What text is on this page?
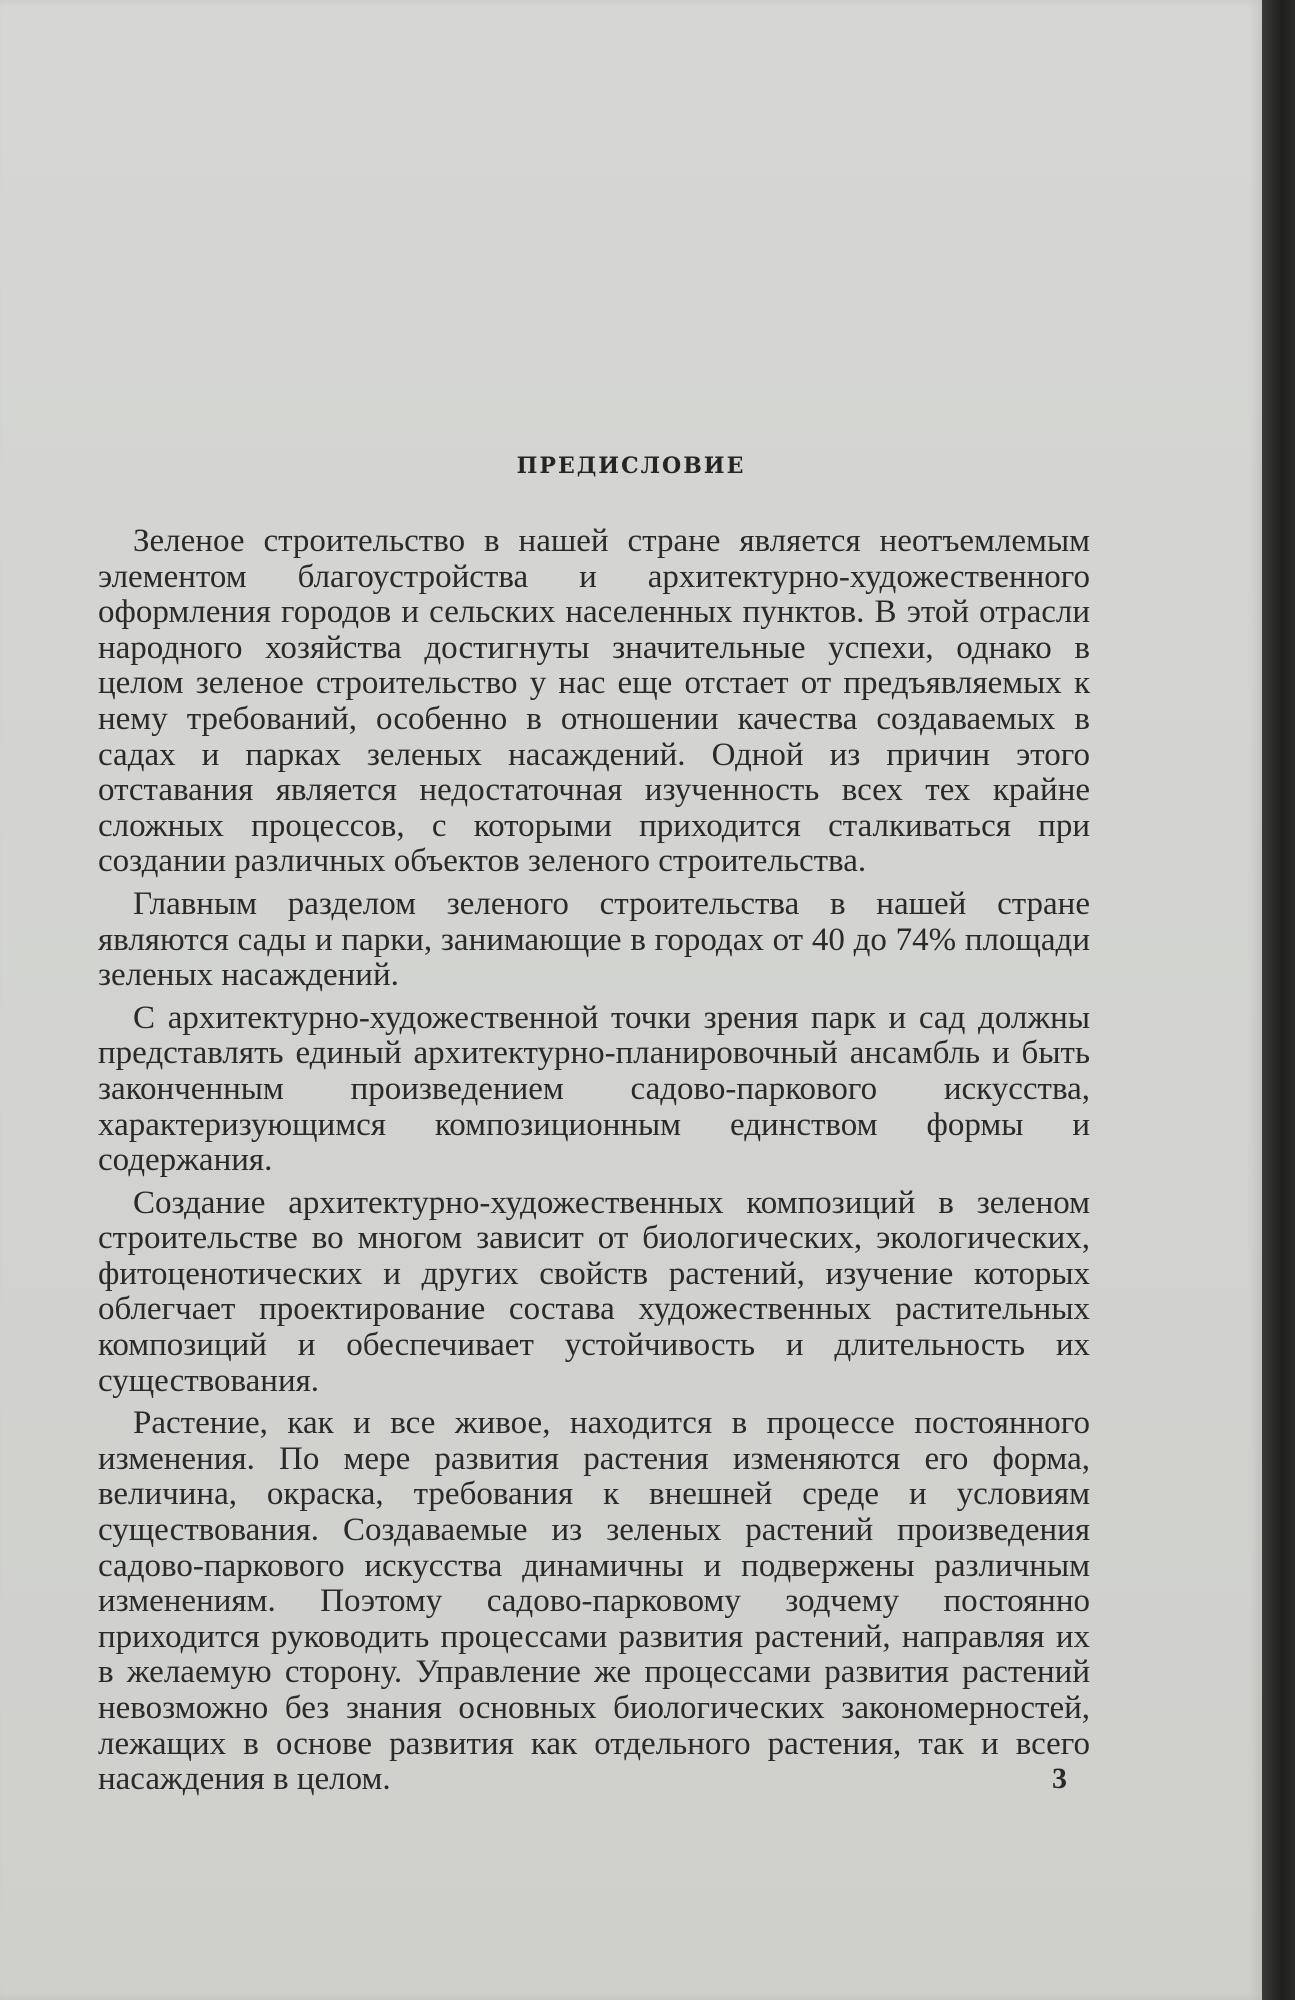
ПРЕДИСЛОВИЕ

Зеленое строительство в нашей стране является неотъемлемым элементом благоустройства и архитектурно-художественного оформления городов и сельских населенных пунктов. В этой отрасли народного хозяйства достигнуты значительные успехи, однако в целом зеленое строительство у нас еще отстает от предъявляемых к нему требований, особенно в отношении качества создаваемых в садах и парках зеленых насаждений. Одной из причин этого отставания является недостаточная изученность всех тех крайне сложных процессов, с которыми приходится сталкиваться при создании различных объектов зеленого строительства.

Главным разделом зеленого строительства в нашей стране являются сады и парки, занимающие в городах от 40 до 74% площади зеленых насаждений.

С архитектурно-художественной точки зрения парк и сад должны представлять единый архитектурно-планировочный ансамбль и быть законченным произведением садово-паркового искусства, характеризующимся композиционным единством формы и содержания.

Создание архитектурно-художественных композиций в зеленом строительстве во многом зависит от биологических, экологических, фитоценотических и других свойств растений, изучение которых облегчает проектирование состава художественных растительных композиций и обеспечивает устойчивость и длительность их существования.

Растение, как и все живое, находится в процессе постоянного изменения. По мере развития растения изменяются его форма, величина, окраска, требования к внешней среде и условиям существования. Создаваемые из зеленых растений произведения садово-паркового искусства динамичны и подвержены различным изменениям. Поэтому садово-парковому зодчему постоянно приходится руководить процессами развития растений, направляя их в желаемую сторону. Управление же процессами развития растений невозможно без знания основных биологических закономерностей, лежащих в основе развития как отдельного растения, так и всего насаждения в целом.	3
